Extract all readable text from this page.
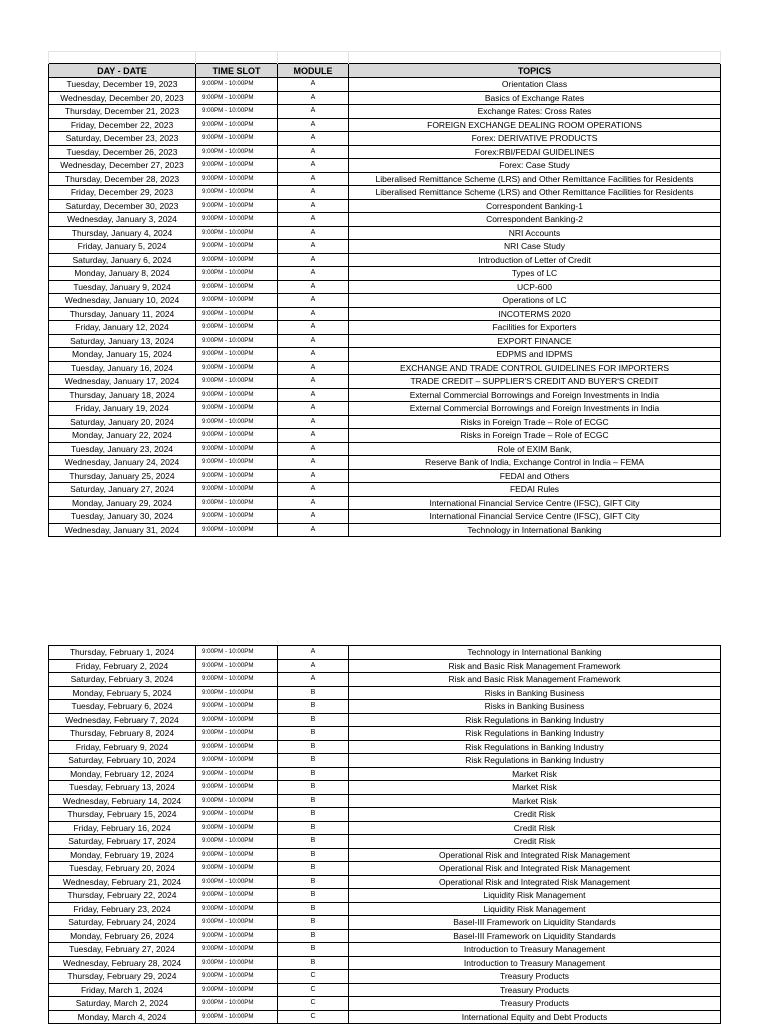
DAY - DATE	TIME SLOT	MODULE	TOPICS
Tuesday, December 19, 2023	9:00PM - 10:00PM	A	Orientation Class
Wednesday, December 20, 2023	9:00PM - 10:00PM	A	Basics of Exchange Rates
Thursday, December 21, 2023	9:00PM - 10:00PM	A	Exchange Rates: Cross Rates
Friday, December 22, 2023	9:00PM - 10:00PM	A	FOREIGN EXCHANGE DEALING ROOM OPERATIONS
Saturday, December 23, 2023	9:00PM - 10:00PM	A	Forex: DERIVATIVE PRODUCTS
Tuesday, December 26, 2023	9:00PM - 10:00PM	A	Forex:RBI/FEDAI GUIDELINES
Wednesday, December 27, 2023	9:00PM - 10:00PM	A	Forex: Case Study
Thursday, December 28, 2023	9:00PM - 10:00PM	A	Liberalised Remittance Scheme (LRS) and Other Remittance Facilities for Residents
Friday, December 29, 2023	9:00PM - 10:00PM	A	Liberalised Remittance Scheme (LRS) and Other Remittance Facilities for Residents
Saturday, December 30, 2023	9:00PM - 10:00PM	A	Correspondent Banking-1
Wednesday, January 3, 2024	9:00PM - 10:00PM	A	Correspondent Banking-2
Thursday, January 4, 2024	9:00PM - 10:00PM	A	NRI Accounts
Friday, January 5, 2024	9:00PM - 10:00PM	A	NRI Case Study
Saturday, January 6, 2024	9:00PM - 10:00PM	A	Introduction of Letter of Credit
Monday, January 8, 2024	9:00PM - 10:00PM	A	Types of LC
Tuesday, January 9, 2024	9:00PM - 10:00PM	A	UCP-600
Wednesday, January 10, 2024	9:00PM - 10:00PM	A	Operations of LC
Thursday, January 11, 2024	9:00PM - 10:00PM	A	INCOTERMS 2020
Friday, January 12, 2024	9:00PM - 10:00PM	A	Facilities for Exporters
Saturday, January 13, 2024	9:00PM - 10:00PM	A	EXPORT FINANCE
Monday, January 15, 2024	9:00PM - 10:00PM	A	EDPMS and IDPMS
Tuesday, January 16, 2024	9:00PM - 10:00PM	A	EXCHANGE AND TRADE CONTROL GUIDELINES FOR IMPORTERS
Wednesday, January 17, 2024	9:00PM - 10:00PM	A	TRADE CREDIT – SUPPLIER'S CREDIT AND BUYER'S CREDIT
Thursday, January 18, 2024	9:00PM - 10:00PM	A	External Commercial Borrowings and Foreign Investments in India
Friday, January 19, 2024	9:00PM - 10:00PM	A	External Commercial Borrowings and Foreign Investments in India
Saturday, January 20, 2024	9:00PM - 10:00PM	A	Risks in Foreign Trade – Role of ECGC
Monday, January 22, 2024	9:00PM - 10:00PM	A	Risks in Foreign Trade – Role of ECGC
Tuesday, January 23, 2024	9:00PM - 10:00PM	A	Role of EXIM Bank,
Wednesday, January 24, 2024	9:00PM - 10:00PM	A	Reserve Bank of India, Exchange Control in India – FEMA
Thursday, January 25, 2024	9:00PM - 10:00PM	A	FEDAI and Others
Saturday, January 27, 2024	9:00PM - 10:00PM	A	FEDAI Rules
Monday, January 29, 2024	9:00PM - 10:00PM	A	International Financial Service Centre (IFSC), GIFT City
Tuesday, January 30, 2024	9:00PM - 10:00PM	A	International Financial Service Centre (IFSC), GIFT City
Wednesday, January 31, 2024	9:00PM - 10:00PM	A	Technology in International Banking
Thursday, February 1, 2024	9:00PM - 10:00PM	A	Technology in International Banking
Friday, February 2, 2024	9:00PM - 10:00PM	A	Risk and Basic Risk Management Framework
Saturday, February 3, 2024	9:00PM - 10:00PM	A	Risk and Basic Risk Management Framework
Monday, February 5, 2024	9:00PM - 10:00PM	B	Risks in Banking Business
Tuesday, February 6, 2024	9:00PM - 10:00PM	B	Risks in Banking Business
Wednesday, February 7, 2024	9:00PM - 10:00PM	B	Risk Regulations in Banking Industry
Thursday, February 8, 2024	9:00PM - 10:00PM	B	Risk Regulations in Banking Industry
Friday, February 9, 2024	9:00PM - 10:00PM	B	Risk Regulations in Banking Industry
Saturday, February 10, 2024	9:00PM - 10:00PM	B	Risk Regulations in Banking Industry
Monday, February 12, 2024	9:00PM - 10:00PM	B	Market Risk
Tuesday, February 13, 2024	9:00PM - 10:00PM	B	Market Risk
Wednesday, February 14, 2024	9:00PM - 10:00PM	B	Market Risk
Thursday, February 15, 2024	9:00PM - 10:00PM	B	Credit Risk
Friday, February 16, 2024	9:00PM - 10:00PM	B	Credit Risk
Saturday, February 17, 2024	9:00PM - 10:00PM	B	Credit Risk
Monday, February 19, 2024	9:00PM - 10:00PM	B	Operational Risk and Integrated Risk Management
Tuesday, February 20, 2024	9:00PM - 10:00PM	B	Operational Risk and Integrated Risk Management
Wednesday, February 21, 2024	9:00PM - 10:00PM	B	Operational Risk and Integrated Risk Management
Thursday, February 22, 2024	9:00PM - 10:00PM	B	Liquidity Risk Management
Friday, February 23, 2024	9:00PM - 10:00PM	B	Liquidity Risk Management
Saturday, February 24, 2024	9:00PM - 10:00PM	B	Basel-III Framework on Liquidity Standards
Monday, February 26, 2024	9:00PM - 10:00PM	B	Basel-III Framework on Liquidity Standards
Tuesday, February 27, 2024	9:00PM - 10:00PM	B	Introduction to Treasury Management
Wednesday, February 28, 2024	9:00PM - 10:00PM	B	Introduction to Treasury Management
Thursday, February 29, 2024	9:00PM - 10:00PM	C	Treasury Products
Friday, March 1, 2024	9:00PM - 10:00PM	C	Treasury Products
Saturday, March 2, 2024	9:00PM - 10:00PM	C	Treasury Products
Monday, March 4, 2024	9:00PM - 10:00PM	C	International Equity and Debt Products
